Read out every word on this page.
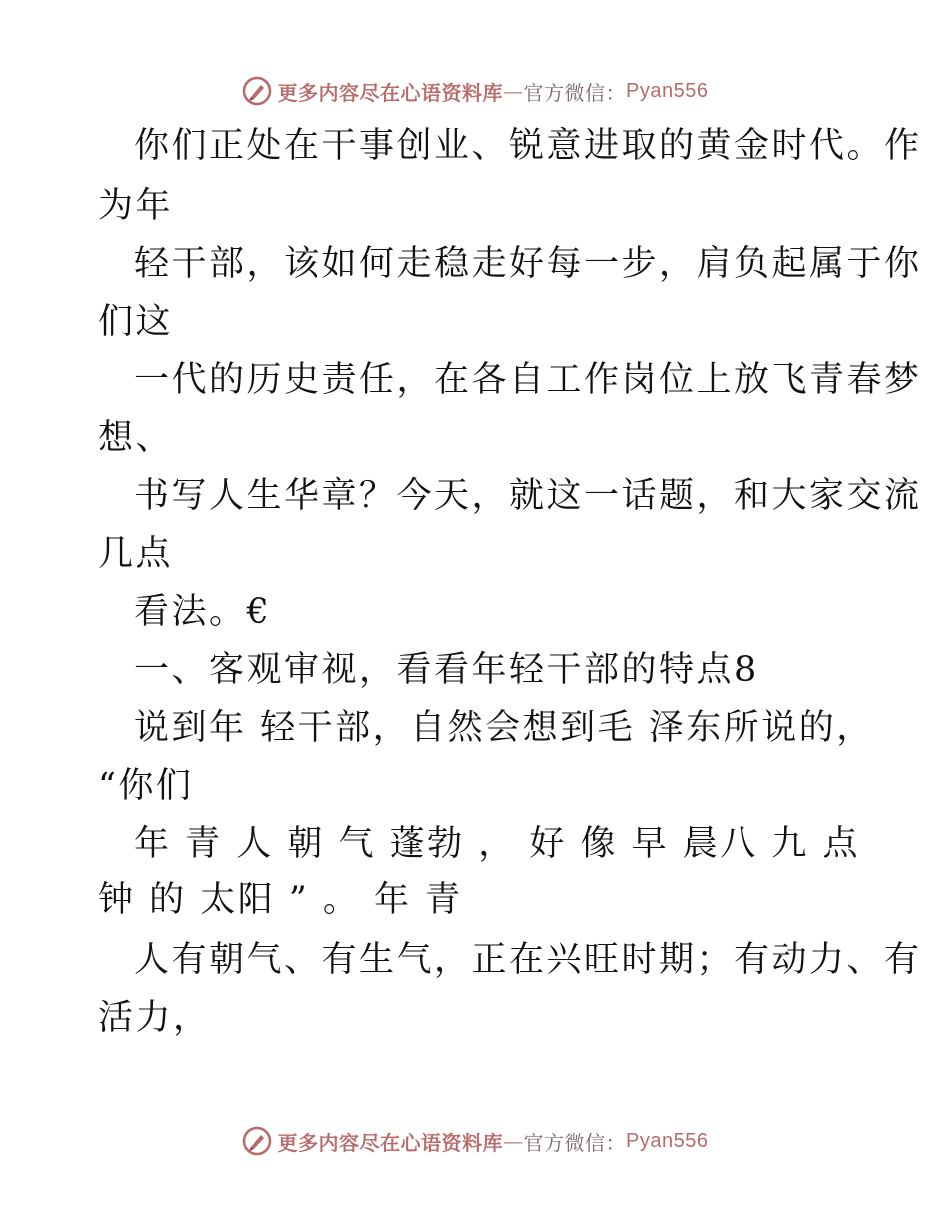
更多内容尽在心语资料库 — 官方微信： Pyan556
你们正处在干事创业、锐意进取的黄金时代。作
为年
轻干部，该如何走稳走好每一步，肩负起属于你
们这
一代的历史责任，在各自工作岗位上放飞青春梦
想、
书写人生华章？今天，就这一话题，和大家交流
几点
看法。€
一、客观审视，看看年轻干部的特点8
说到年 轻干部，自然会想到毛 泽东所说的，
“你们
年 青 人 朝 气 蓬勃 ， 好 像 早 晨八 九 点
钟 的 太阳 ” 。 年 青
人有朝气、有生气，正在兴旺时期；有动力、有
活力，
更多内容尽在心语资料库 — 官方微信： Pyan556
